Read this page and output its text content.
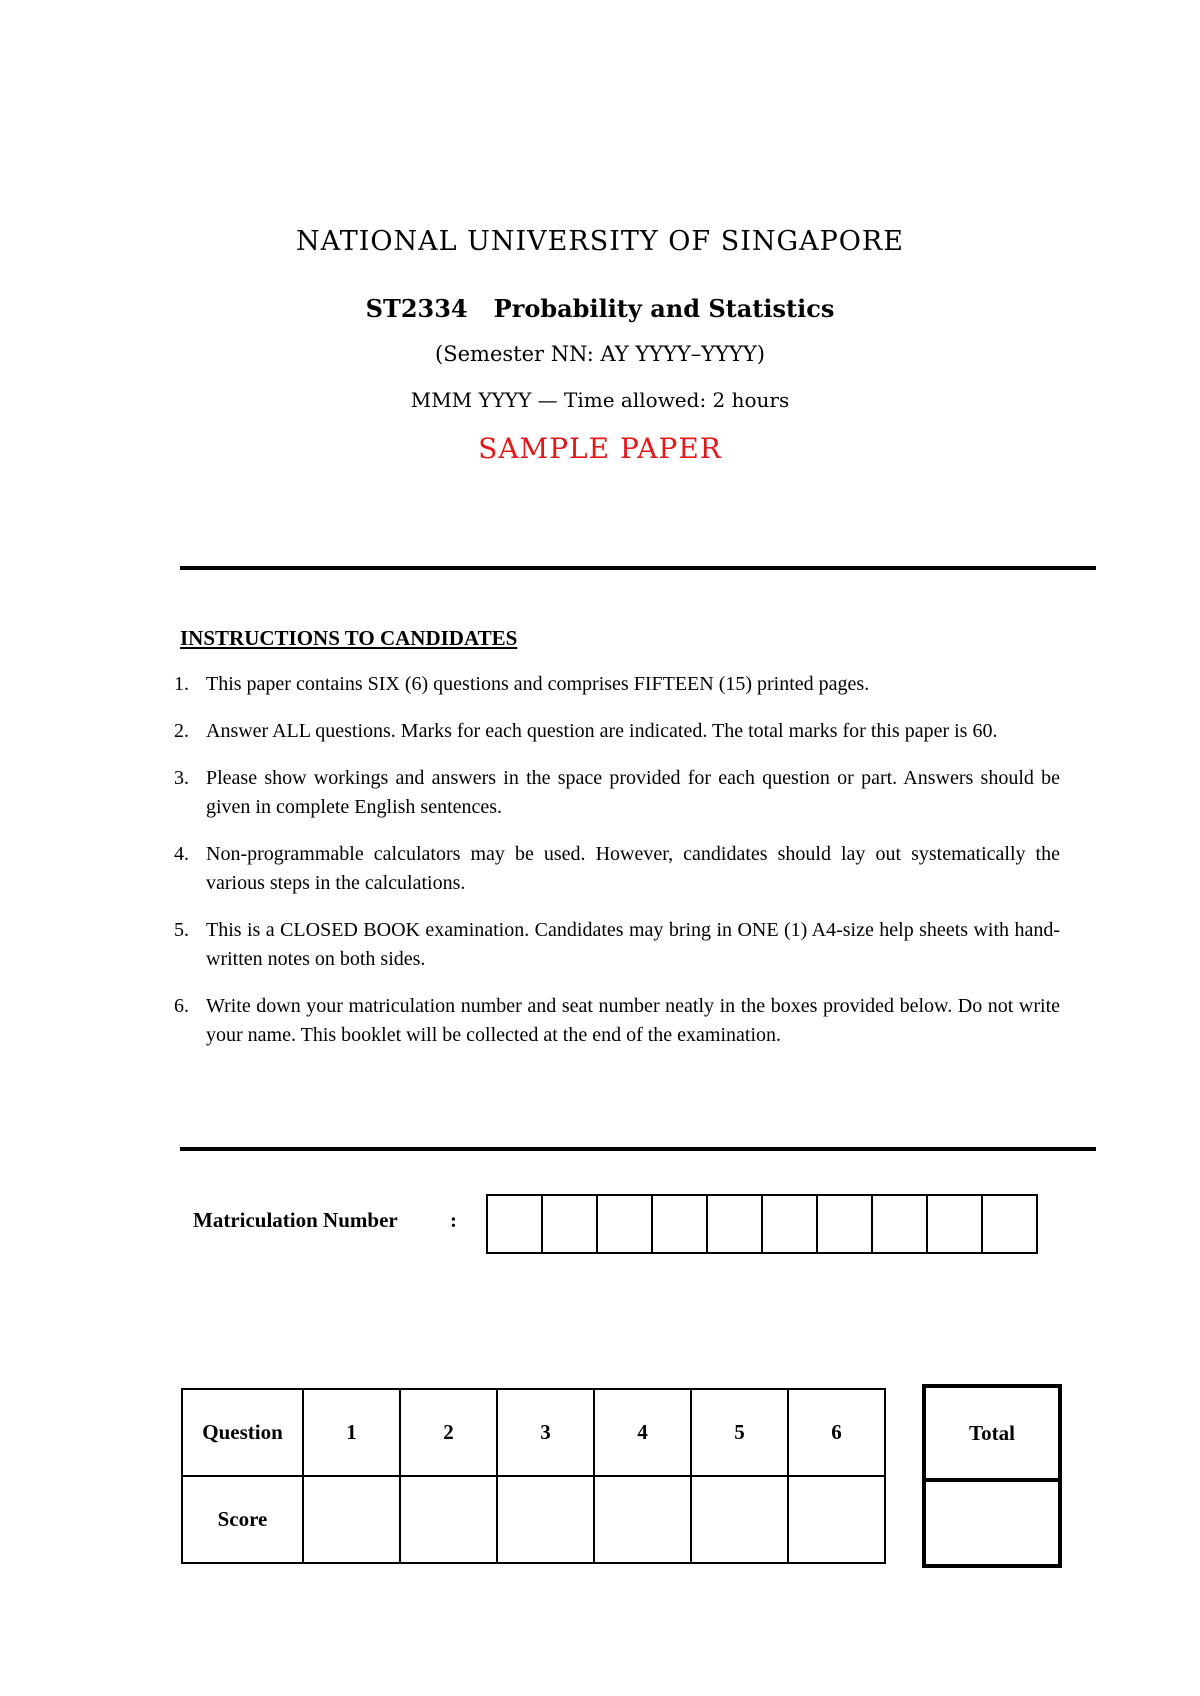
NATIONAL UNIVERSITY OF SINGAPORE
ST2334 Probability and Statistics
(Semester NN: AY YYYY–YYYY)
MMM YYYY — Time allowed: 2 hours
SAMPLE PAPER
INSTRUCTIONS TO CANDIDATES
1. This paper contains SIX (6) questions and comprises FIFTEEN (15) printed pages.
2. Answer ALL questions. Marks for each question are indicated. The total marks for this paper is 60.
3. Please show workings and answers in the space provided for each question or part. Answers should be given in complete English sentences.
4. Non-programmable calculators may be used. However, candidates should lay out systematically the various steps in the calculations.
5. This is a CLOSED BOOK examination. Candidates may bring in ONE (1) A4-size help sheets with hand-written notes on both sides.
6. Write down your matriculation number and seat number neatly in the boxes provided below. Do not write your name. This booklet will be collected at the end of the examination.
Matriculation Number :
Question	1	2	3	4	5	6
Score						
Total
